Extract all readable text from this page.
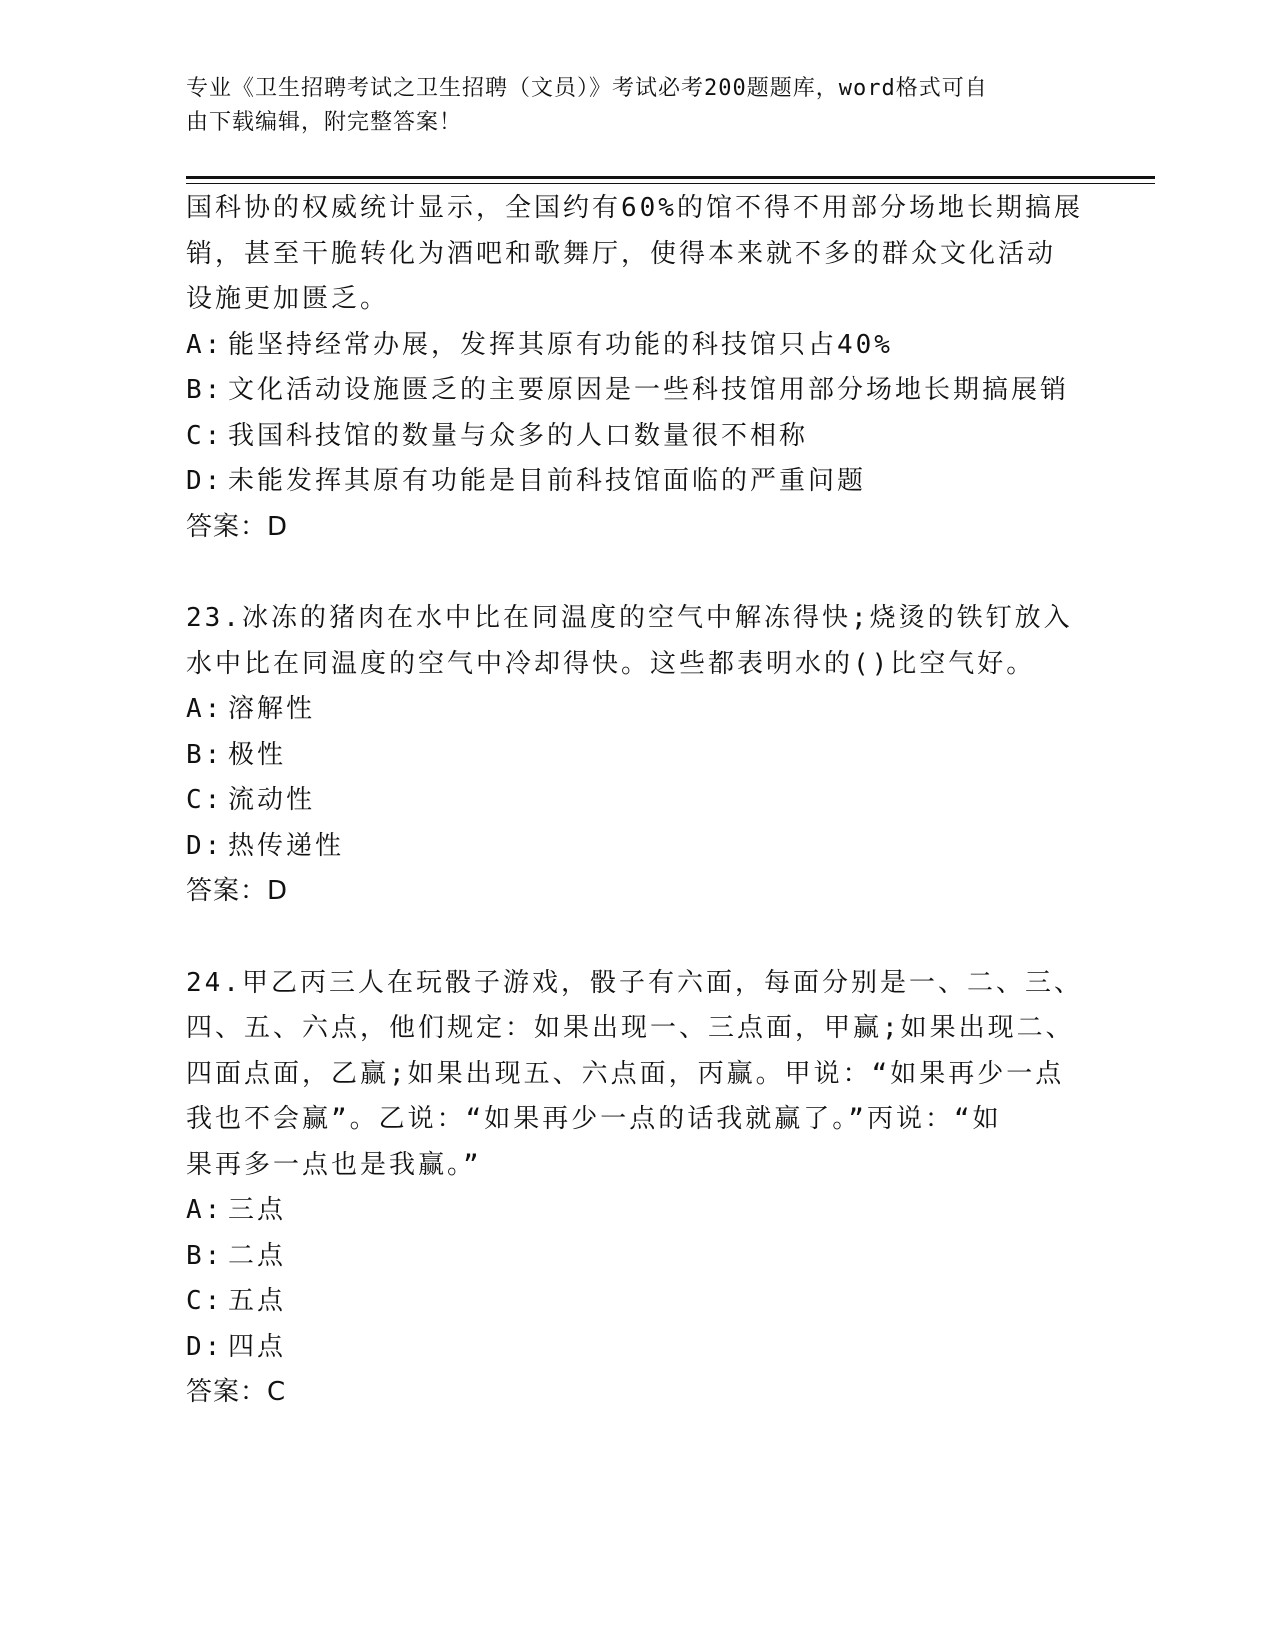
专业《卫生招聘考试之卫生招聘（文员）》考试必考200题题库，word格式可自
由下载编辑，附完整答案！
国科协的权威统计显示，全国约有60%的馆不得不用部分场地长期搞展
销，甚至干脆转化为酒吧和歌舞厅，使得本来就不多的群众文化活动
设施更加匮乏。
A: 能坚持经常办展，发挥其原有功能的科技馆只占40%
B: 文化活动设施匮乏的主要原因是一些科技馆用部分场地长期搞展销
C: 我国科技馆的数量与众多的人口数量很不相称
D: 未能发挥其原有功能是目前科技馆面临的严重问题
答案：D
23.冰冻的猪肉在水中比在同温度的空气中解冻得快;烧烫的铁钉放入
水中比在同温度的空气中冷却得快。这些都表明水的()比空气好。
A: 溶解性
B: 极性
C: 流动性
D: 热传递性
答案：D
24.甲乙丙三人在玩骰子游戏，骰子有六面，每面分别是一、二、三、
四、五、六点，他们规定：如果出现一、三点面，甲赢;如果出现二、
四面点面，乙赢;如果出现五、六点面，丙赢。甲说：“如果再少一点
我也不会赢”。乙说：“如果再少一点的话我就赢了。”丙说：“如
果再多一点也是我赢。”
A: 三点
B: 二点
C: 五点
D: 四点
答案：C
